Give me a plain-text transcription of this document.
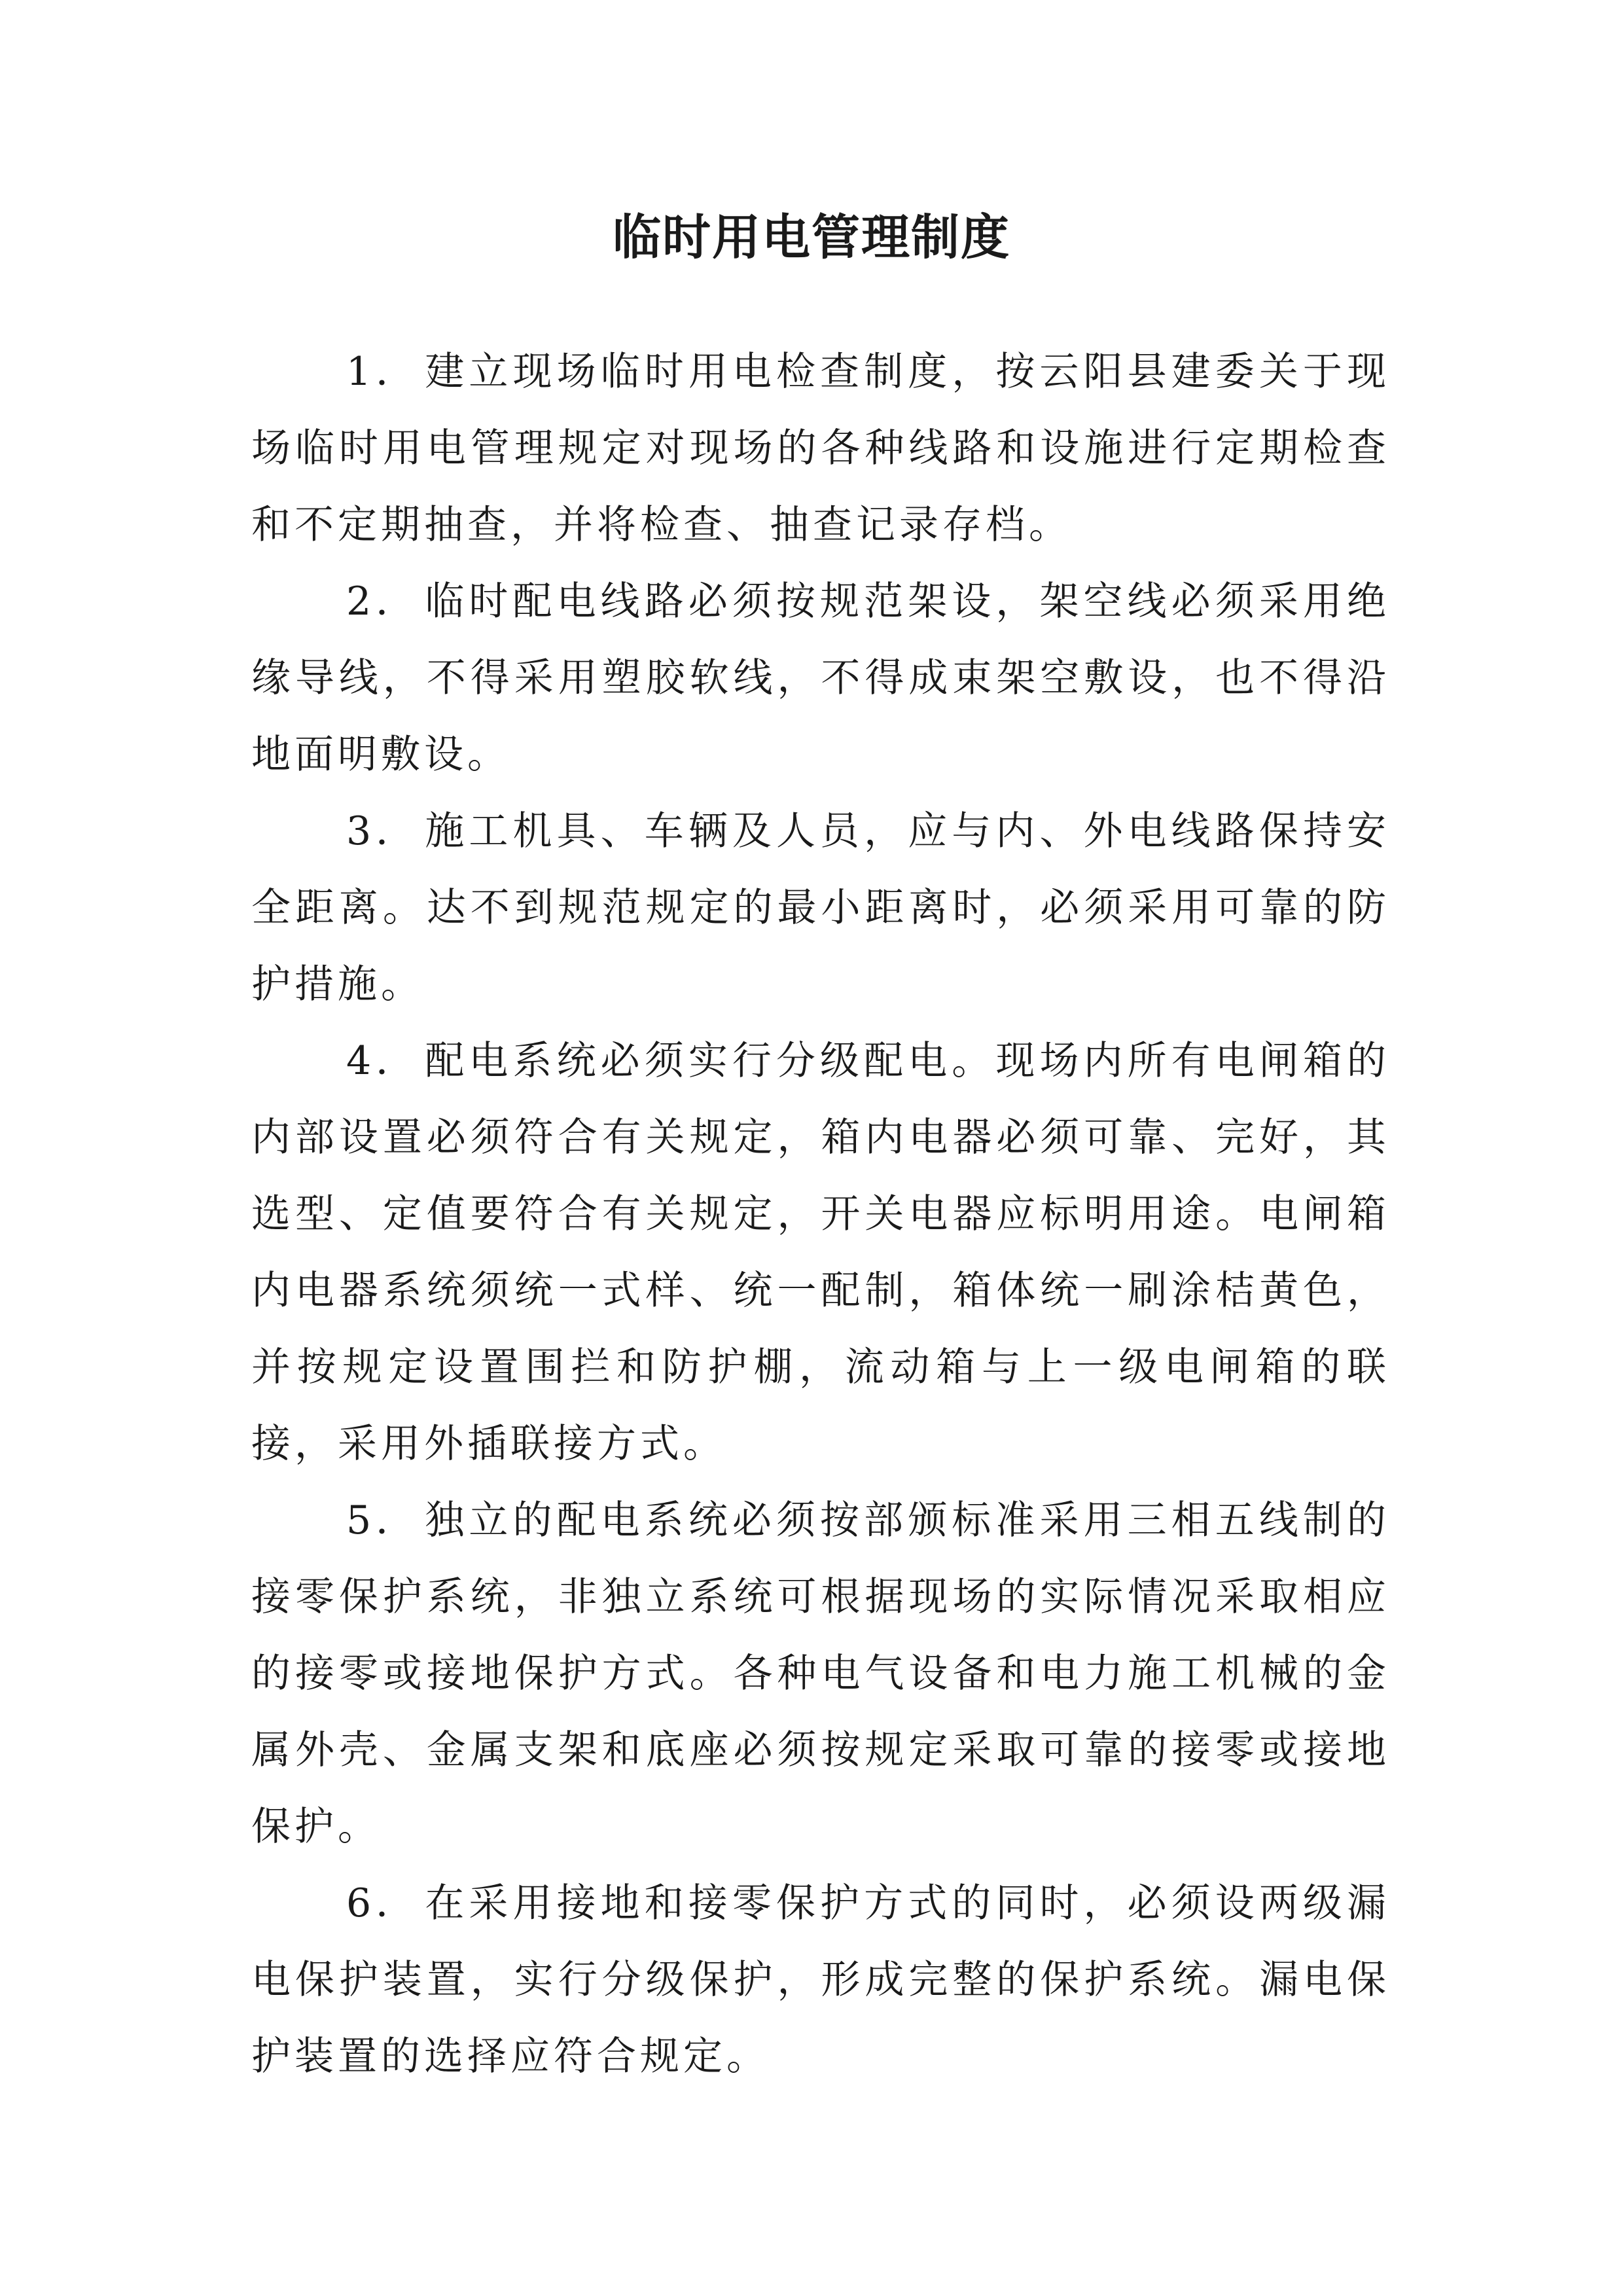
临时用电管理制度

1． 建立现场临时用电检查制度，按云阳县建委关于现场临时用电管理规定对现场的各种线路和设施进行定期检查和不定期抽查，并将检查、抽查记录存档。

2． 临时配电线路必须按规范架设，架空线必须采用绝缘导线，不得采用塑胶软线，不得成束架空敷设，也不得沿地面明敷设。

3． 施工机具、车辆及人员，应与内、外电线路保持安全距离。达不到规范规定的最小距离时，必须采用可靠的防护措施。

4． 配电系统必须实行分级配电。现场内所有电闸箱的内部设置必须符合有关规定，箱内电器必须可靠、完好，其选型、定值要符合有关规定，开关电器应标明用途。电闸箱内电器系统须统一式样、统一配制，箱体统一刷涂桔黄色，并按规定设置围拦和防护棚，流动箱与上一级电闸箱的联接，采用外插联接方式。

5． 独立的配电系统必须按部颁标准采用三相五线制的接零保护系统，非独立系统可根据现场的实际情况采取相应的接零或接地保护方式。各种电气设备和电力施工机械的金属外壳、金属支架和底座必须按规定采取可靠的接零或接地保护。

6． 在采用接地和接零保护方式的同时，必须设两级漏电保护装置，实行分级保护，形成完整的保护系统。漏电保护装置的选择应符合规定。
